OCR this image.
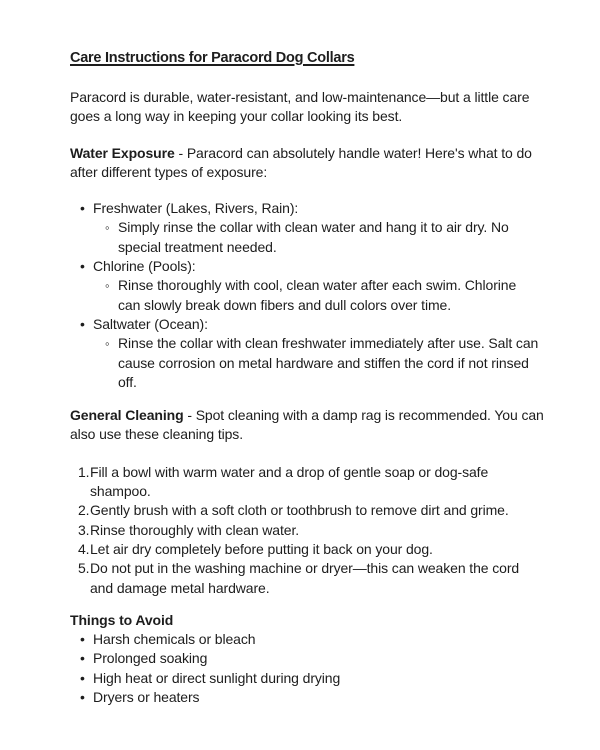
Care Instructions for Paracord Dog Collars

Paracord is durable, water-resistant, and low-maintenance—but a little care
goes a long way in keeping your collar looking its best.

Water Exposure - Paracord can absolutely handle water! Here's what to do
after different types of exposure:

• Freshwater (Lakes, Rivers, Rain):
◦ Simply rinse the collar with clean water and hang it to air dry. No
special treatment needed.
• Chlorine (Pools):
◦ Rinse thoroughly with cool, clean water after each swim. Chlorine
can slowly break down fibers and dull colors over time.
• Saltwater (Ocean):
◦ Rinse the collar with clean freshwater immediately after use. Salt can
cause corrosion on metal hardware and stiffen the cord if not rinsed
off.

General Cleaning - Spot cleaning with a damp rag is recommended. You can
also use these cleaning tips.

1. Fill a bowl with warm water and a drop of gentle soap or dog-safe
shampoo.
2. Gently brush with a soft cloth or toothbrush to remove dirt and grime.
3. Rinse thoroughly with clean water.
4. Let air dry completely before putting it back on your dog.
5. Do not put in the washing machine or dryer—this can weaken the cord
and damage metal hardware.
Things to Avoid
• Harsh chemicals or bleach
• Prolonged soaking
• High heat or direct sunlight during drying
• Dryers or heaters
